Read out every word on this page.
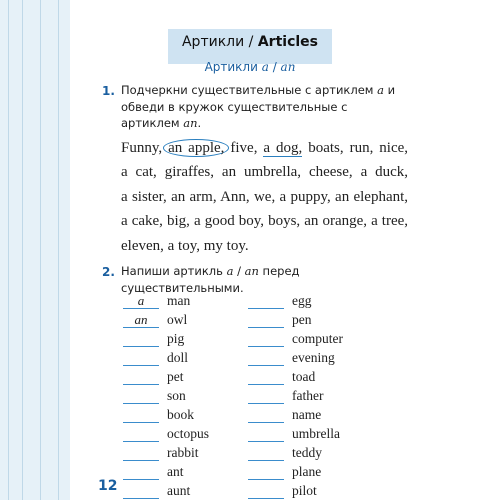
12
Артикли / Articles
Артикли a / an
1. Подчеркни существительные с артиклем a и обведи в кружок существительные с артиклем an.
Funny, an apple, five, a dog, boats, run, nice, a cat, giraffes, an umbrella, cheese, a duck, a sister, an arm, Ann, we, a puppy, an elephant, a cake, big, a good boy, boys, an orange, a tree, eleven, a toy, my toy.
2. Напиши артикль a / an перед существительными.
a	man
an	owl
pig
doll
pet
son
book
octopus
rabbit
ant
aunt
egg
pen
computer
evening
toad
father
name
umbrella
teddy
plane
pilot
